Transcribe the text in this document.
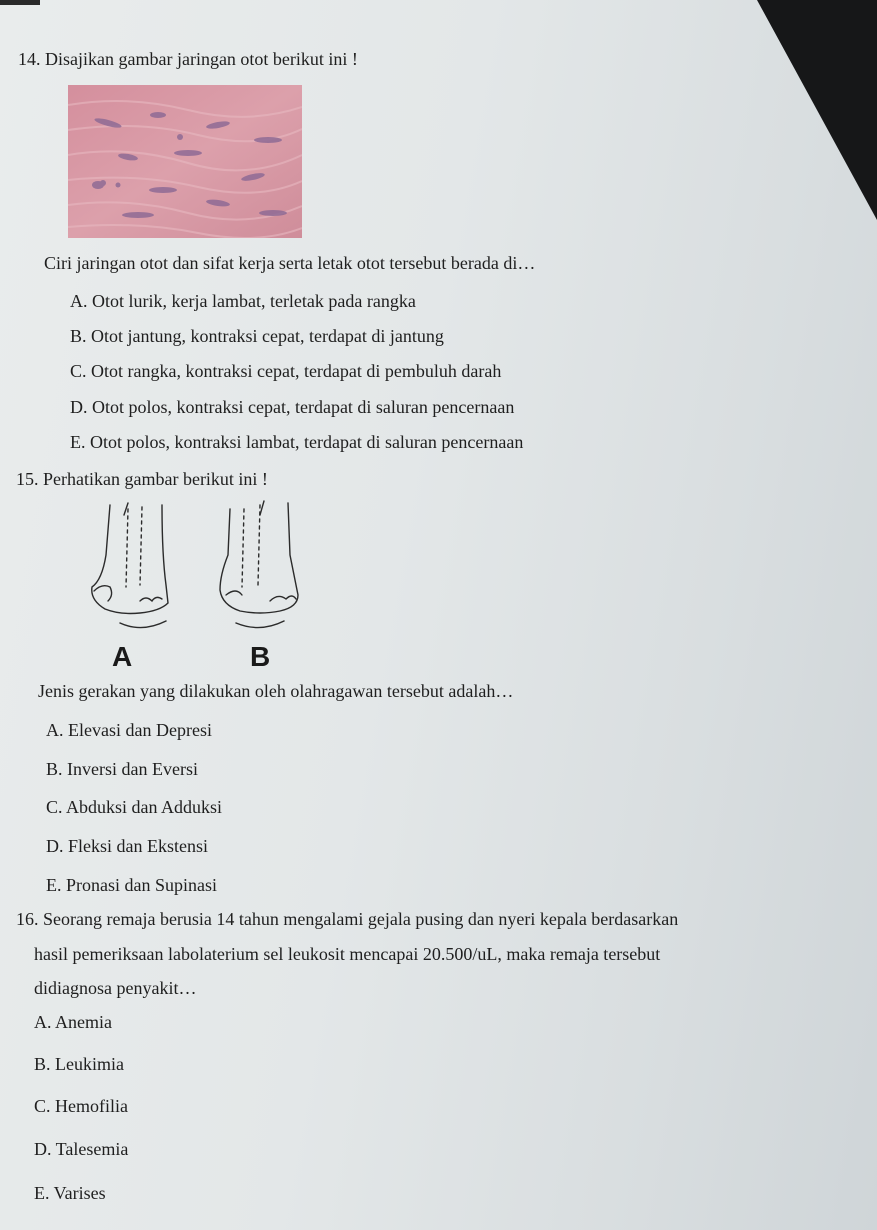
14. Disajikan gambar jaringan otot berikut ini !
Ciri jaringan otot dan sifat kerja serta letak otot tersebut berada di…
A. Otot lurik, kerja lambat, terletak pada rangka
B. Otot jantung, kontraksi cepat, terdapat di jantung
C. Otot rangka, kontraksi cepat, terdapat di pembuluh darah
D. Otot polos, kontraksi cepat, terdapat di saluran pencernaan
E. Otot polos, kontraksi lambat, terdapat di saluran pencernaan
15. Perhatikan gambar berikut ini !
A	B
Jenis gerakan yang dilakukan oleh olahragawan tersebut adalah…
A. Elevasi dan Depresi
B. Inversi dan Eversi
C. Abduksi dan Adduksi
D. Fleksi dan Ekstensi
E. Pronasi dan Supinasi
16. Seorang remaja berusia 14 tahun mengalami gejala pusing dan nyeri kepala berdasarkan
hasil pemeriksaan labolaterium sel leukosit mencapai 20.500/uL, maka remaja tersebut
didiagnosa penyakit…
A. Anemia
B. Leukimia
C. Hemofilia
D. Talesemia
E. Varises
